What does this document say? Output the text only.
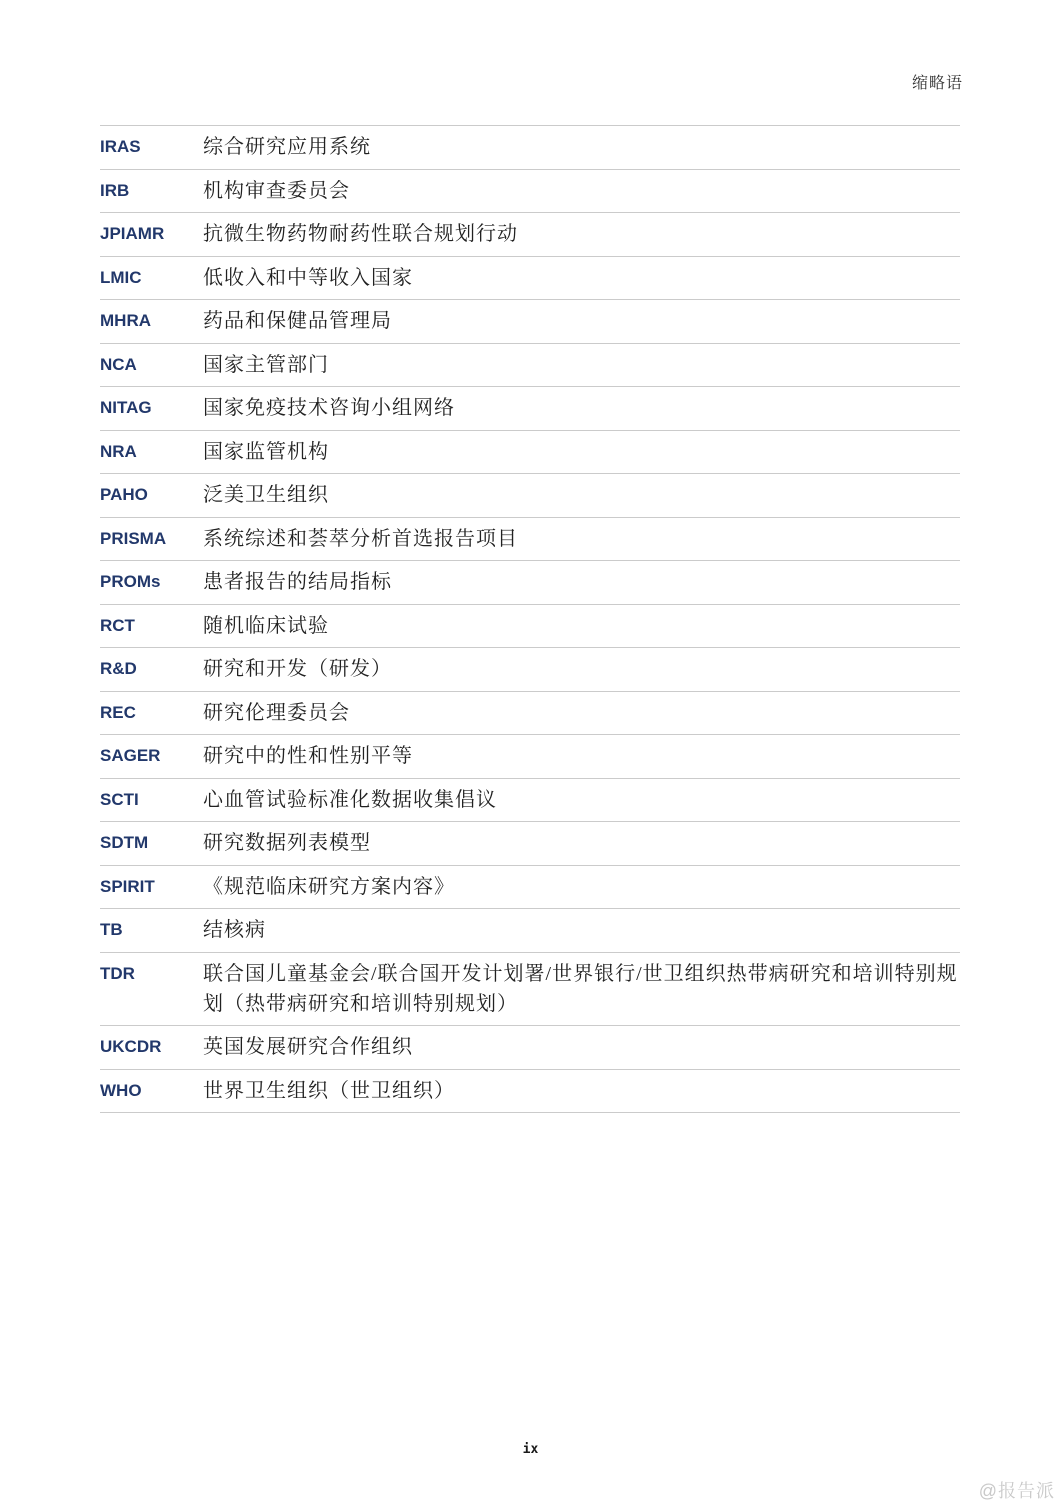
缩略语
IRAS	综合研究应用系统
IRB	机构审查委员会
JPIAMR	抗微生物药物耐药性联合规划行动
LMIC	低收入和中等收入国家
MHRA	药品和保健品管理局
NCA	国家主管部门
NITAG	国家免疫技术咨询小组网络
NRA	国家监管机构
PAHO	泛美卫生组织
PRISMA	系统综述和荟萃分析首选报告项目
PROMs	患者报告的结局指标
RCT	随机临床试验
R&D	研究和开发（研发）
REC	研究伦理委员会
SAGER	研究中的性和性别平等
SCTI	心血管试验标准化数据收集倡议
SDTM	研究数据列表模型
SPIRIT	《规范临床研究方案内容》
TB	结核病
TDR	联合国儿童基金会/联合国开发计划署/世界银行/世卫组织热带病研究和培训特别规划（热带病研究和培训特别规划）
UKCDR	英国发展研究合作组织
WHO	世界卫生组织（世卫组织）
ix
@报告派
